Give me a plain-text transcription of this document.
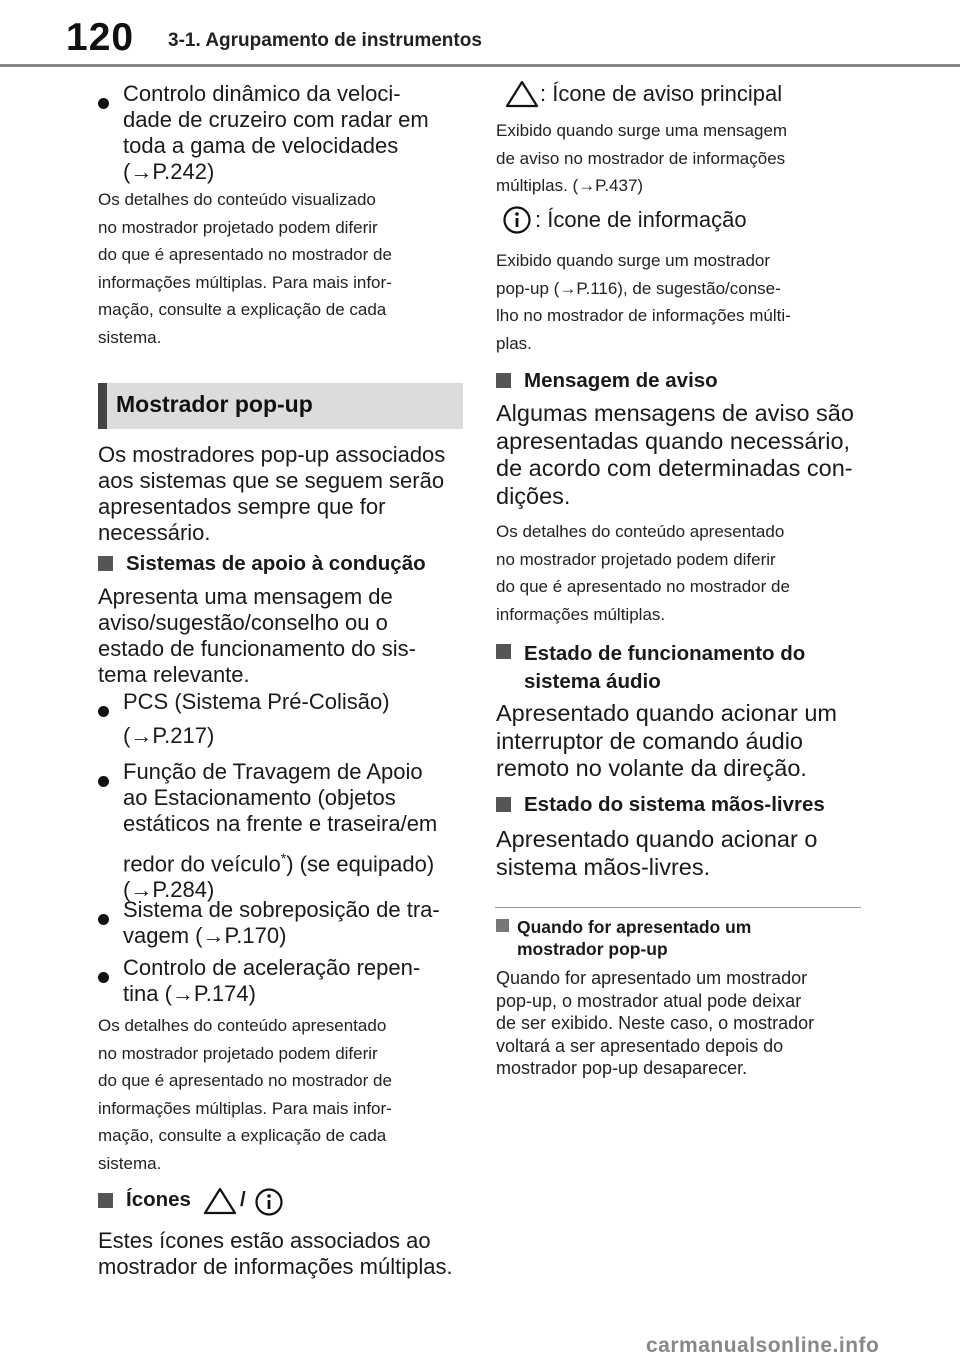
120 3-1. Agrupamento de instrumentos
Controlo dinâmico da veloci-
dade de cruzeiro com radar em
toda a gama de velocidades
(→P.242)
Os detalhes do conteúdo visualizado
no mostrador projetado podem diferir
do que é apresentado no mostrador de
informações múltiplas. Para mais infor-
mação, consulte a explicação de cada
sistema.
Mostrador pop-up
Os mostradores pop-up associados
aos sistemas que se seguem serão
apresentados sempre que for
necessário.
Sistemas de apoio à condução
Apresenta uma mensagem de
aviso/sugestão/conselho ou o
estado de funcionamento do sis-
tema relevante.
PCS (Sistema Pré-Colisão)
(→P.217)
Função de Travagem de Apoio
ao Estacionamento (objetos
estáticos na frente e traseira/em
redor do veículo*) (se equipado)
(→P.284)
Sistema de sobreposição de tra-
vagem (→P.170)
Controlo de aceleração repen-
tina (→P.174)
Os detalhes do conteúdo apresentado
no mostrador projetado podem diferir
do que é apresentado no mostrador de
informações múltiplas. Para mais infor-
mação, consulte a explicação de cada
sistema.
Ícones /
Estes ícones estão associados ao
mostrador de informações múltiplas.
: Ícone de aviso principal
Exibido quando surge uma mensagem
de aviso no mostrador de informações
múltiplas. (→P.437)
: Ícone de informação
Exibido quando surge um mostrador
pop-up (→P.116), de sugestão/conse-
lho no mostrador de informações múlti-
plas.
Mensagem de aviso
Algumas mensagens de aviso são
apresentadas quando necessário,
de acordo com determinadas con-
dições.
Os detalhes do conteúdo apresentado
no mostrador projetado podem diferir
do que é apresentado no mostrador de
informações múltiplas.
Estado de funcionamento do
sistema áudio
Apresentado quando acionar um
interruptor de comando áudio
remoto no volante da direção.
Estado do sistema mãos-livres
Apresentado quando acionar o
sistema mãos-livres.
Quando for apresentado um
mostrador pop-up
Quando for apresentado um mostrador
pop-up, o mostrador atual pode deixar
de ser exibido. Neste caso, o mostrador
voltará a ser apresentado depois do
mostrador pop-up desaparecer.
carmanualsonline.info
